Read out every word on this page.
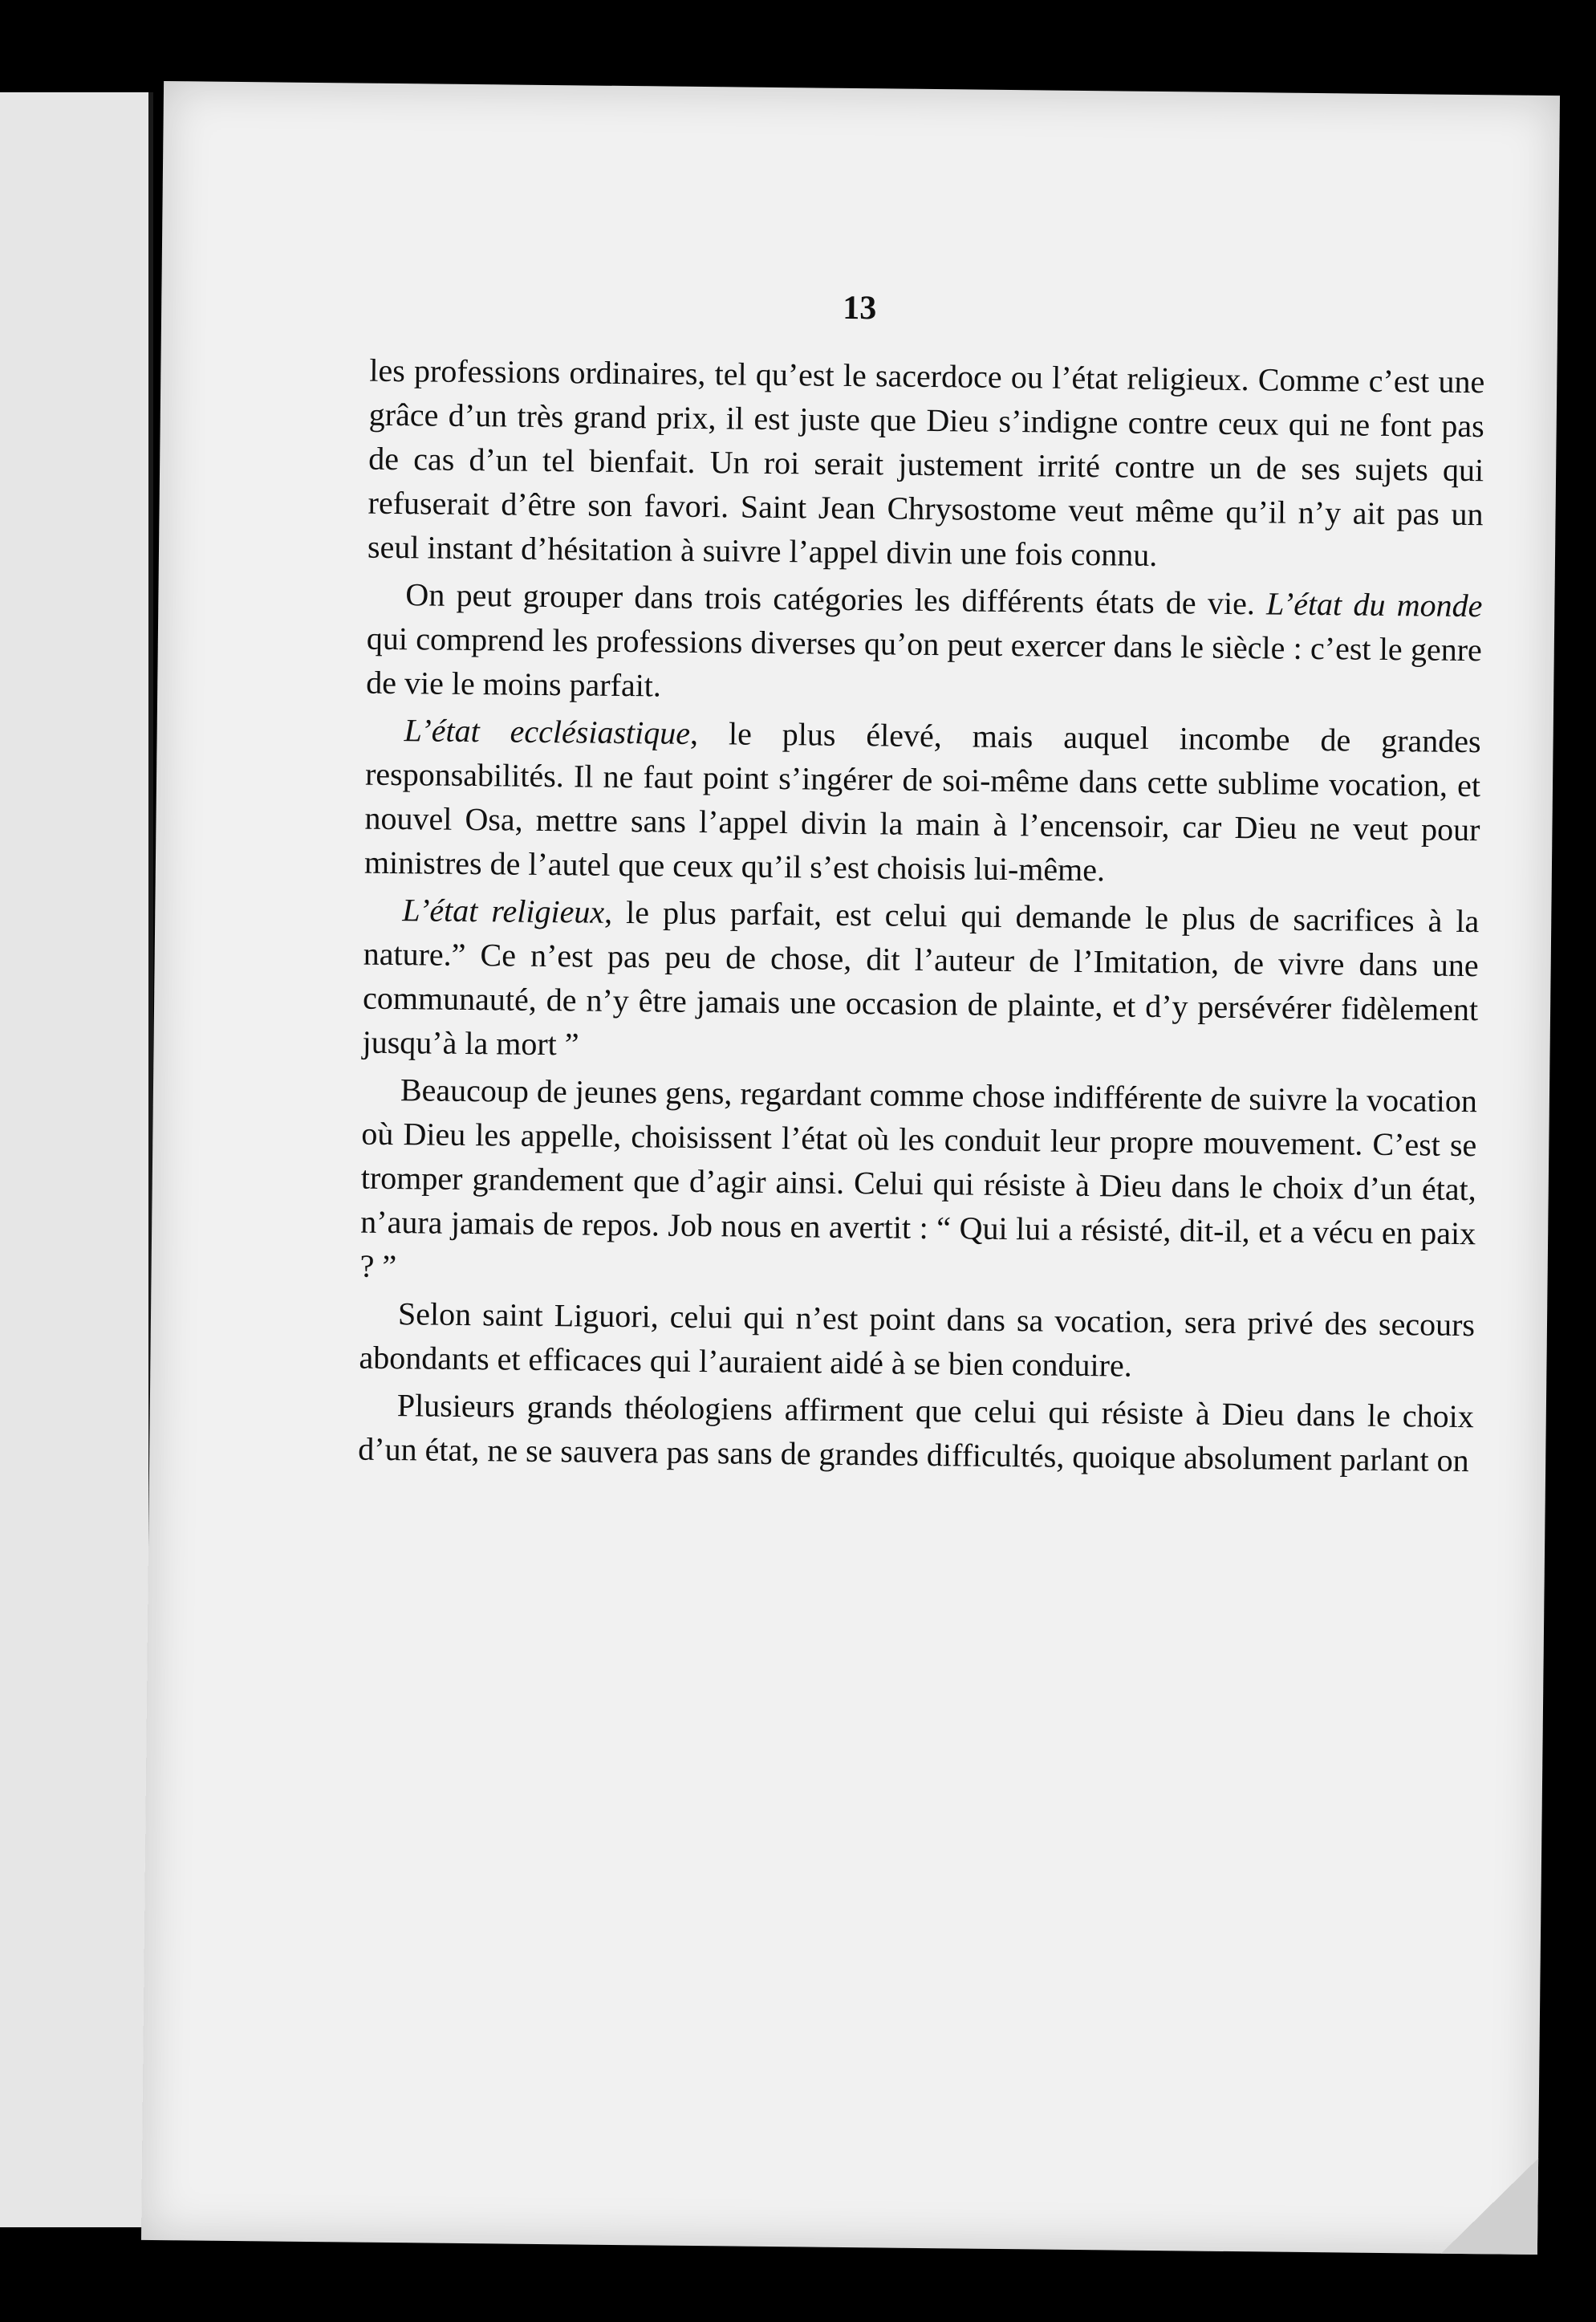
13

les professions ordinaires, tel qu’est le sacerdoce ou l’état religieux. Comme c’est une grâce d’un très grand prix, il est juste que Dieu s’indigne contre ceux qui ne font pas de cas d’un tel bienfait. Un roi serait justement irrité contre un de ses sujets qui refuserait d’être son favori. Saint Jean Chrysostome veut même qu’il n’y ait pas un seul instant d’hésitation à suivre l’appel divin une fois connu.

On peut grouper dans trois catégories les différents états de vie. L’état du monde qui comprend les professions diverses qu’on peut exercer dans le siècle : c’est le genre de vie le moins parfait.

L’état ecclésiastique, le plus élevé, mais auquel incombe de grandes responsabilités. Il ne faut point s’ingérer de soi-même dans cette sublime vocation, et nouvel Osa, mettre sans l’appel divin la main à l’encensoir, car Dieu ne veut pour ministres de l’autel que ceux qu’il s’est choisis lui-même.

L’état religieux, le plus parfait, est celui qui demande le plus de sacrifices à la nature.” Ce n’est pas peu de chose, dit l’auteur de l’Imitation, de vivre dans une communauté, de n’y être jamais une occasion de plainte, et d’y persévérer fidèlement jusqu’à la mort ”

Beaucoup de jeunes gens, regardant comme chose indifférente de suivre la vocation où Dieu les appelle, choisissent l’état où les conduit leur propre mouvement. C’est se tromper grandement que d’agir ainsi. Celui qui résiste à Dieu dans le choix d’un état, n’aura jamais de repos. Job nous en avertit : “ Qui lui a résisté, dit-il, et a vécu en paix ? ”

Selon saint Liguori, celui qui n’est point dans sa vocation, sera privé des secours abondants et efficaces qui l’auraient aidé à se bien conduire.

Plusieurs grands théologiens affirment que celui qui résiste à Dieu dans le choix d’un état, ne se sauvera pas sans de grandes difficultés, quoique absolument parlant on
